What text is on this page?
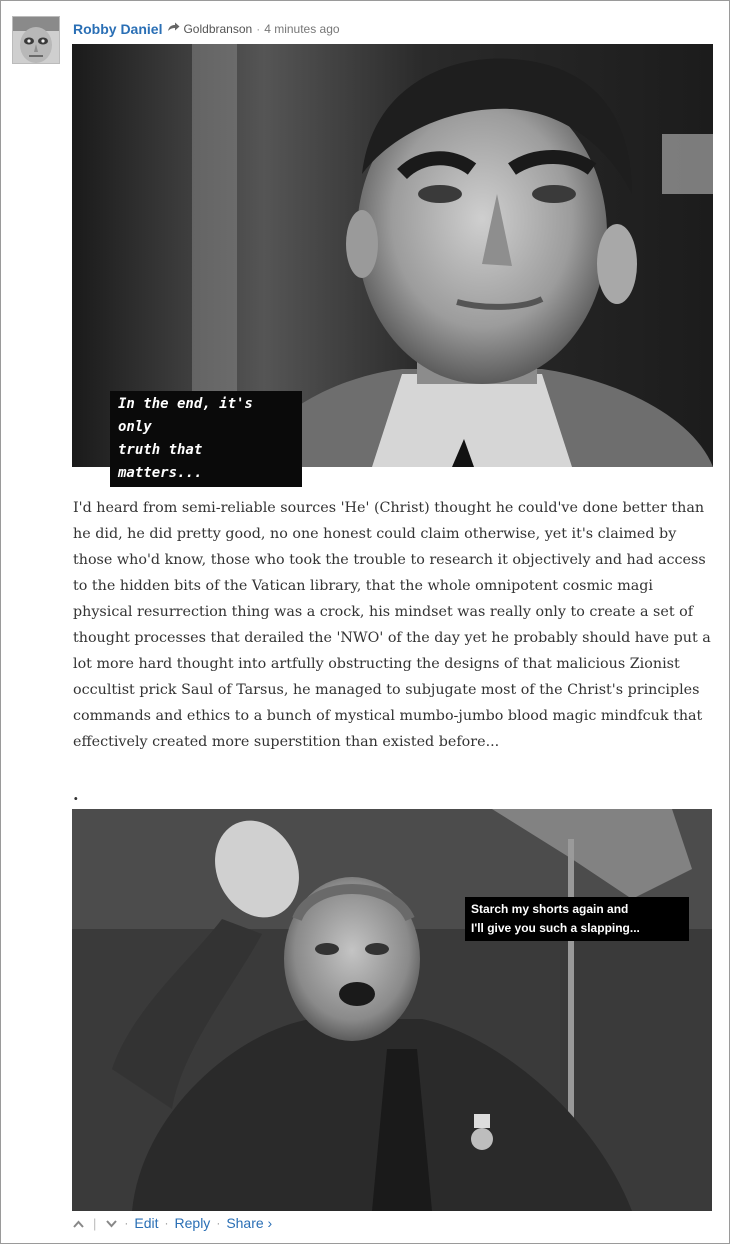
Robby Daniel Goldbranson · 4 minutes ago
In the end, it's only
truth that matters...

I'd heard from semi-reliable sources 'He' (Christ) thought he could've done better than he did, he did pretty good, no one honest could claim otherwise, yet it's claimed by those who'd know, those who took the trouble to research it objectively and had access to the hidden bits of the Vatican library, that the whole omnipotent cosmic magi physical resurrection thing was a crock, his mindset was really only to create a set of thought processes that derailed the 'NWO' of the day yet he probably should have put a lot more hard thought into artfully obstructing the designs of that malicious Zionist occultist prick Saul of Tarsus, he managed to subjugate most of the Christ's principles commands and ethics to a bunch of mystical mumbo-jumbo blood magic mindfcuk that effectively created more superstition than existed before...

.
Starch my shorts again and
I'll give you such a slapping...
| · Edit · Reply · Share ›
